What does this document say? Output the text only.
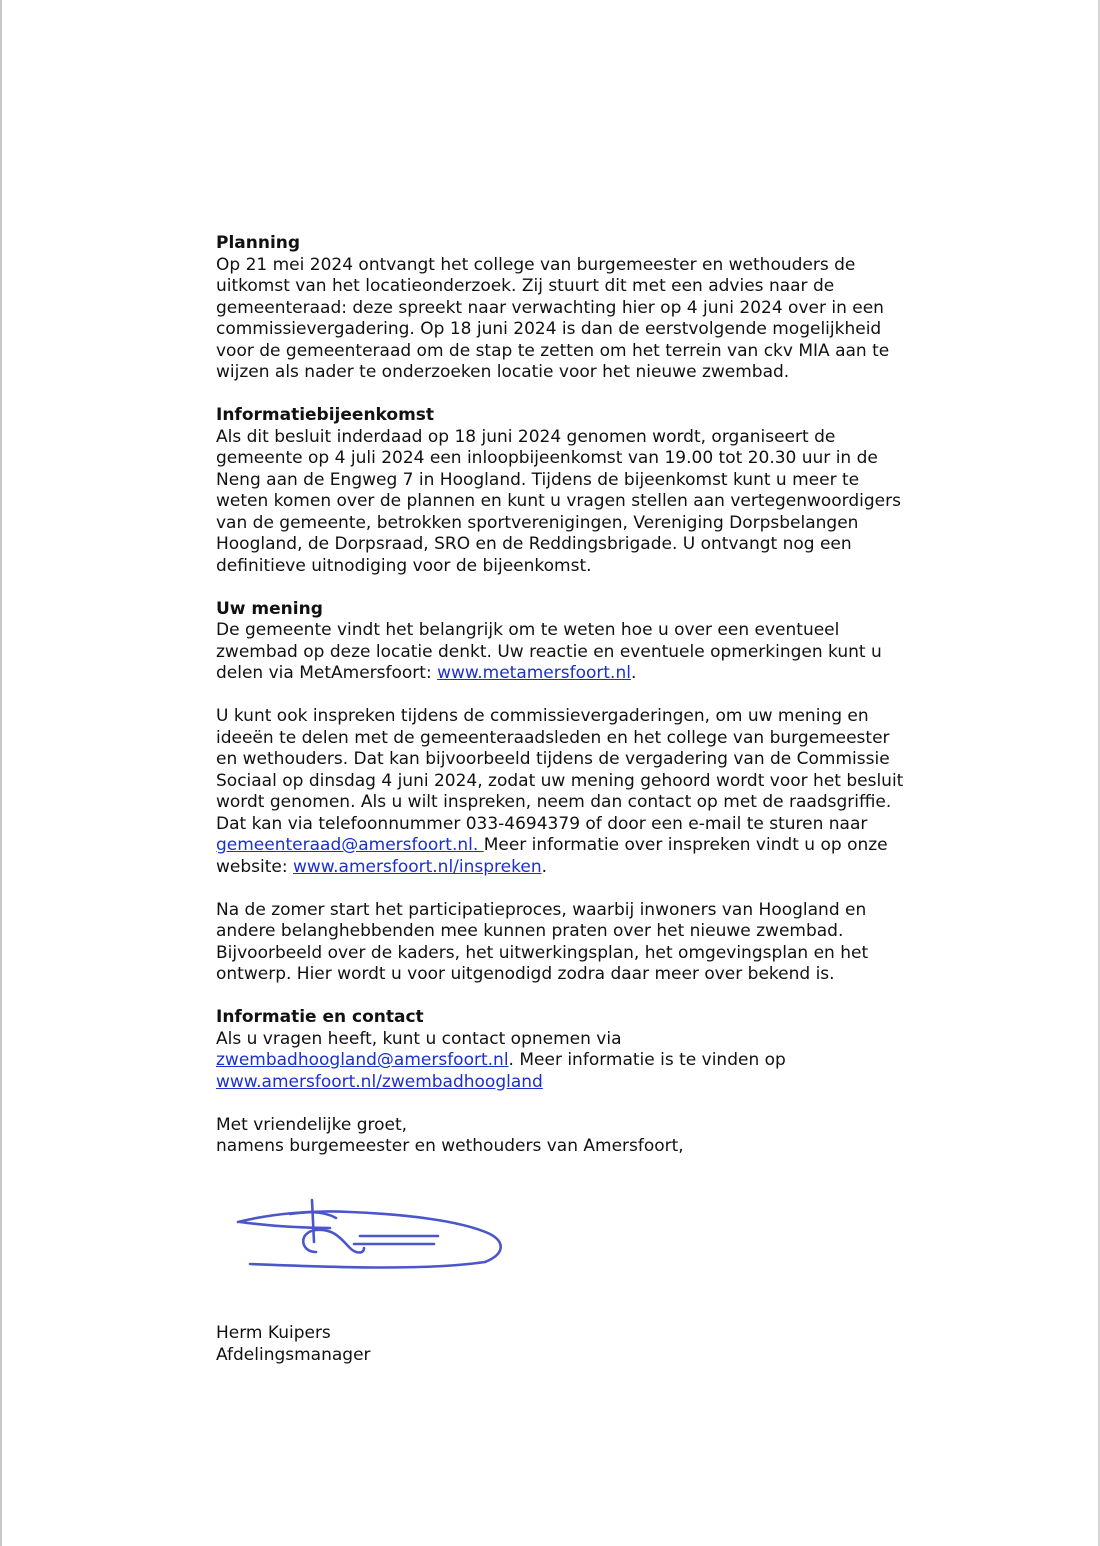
Planning
Op 21 mei 2024 ontvangt het college van burgemeester en wethouders de
uitkomst van het locatieonderzoek. Zij stuurt dit met een advies naar de
gemeenteraad: deze spreekt naar verwachting hier op 4 juni 2024 over in een
commissievergadering. Op 18 juni 2024 is dan de eerstvolgende mogelijkheid
voor de gemeenteraad om de stap te zetten om het terrein van ckv MIA aan te
wijzen als nader te onderzoeken locatie voor het nieuwe zwembad.
Informatiebijeenkomst
Als dit besluit inderdaad op 18 juni 2024 genomen wordt, organiseert de
gemeente op 4 juli 2024 een inloopbijeenkomst van 19.00 tot 20.30 uur in de
Neng aan de Engweg 7 in Hoogland. Tijdens de bijeenkomst kunt u meer te
weten komen over de plannen en kunt u vragen stellen aan vertegenwoordigers
van de gemeente, betrokken sportverenigingen, Vereniging Dorpsbelangen
Hoogland, de Dorpsraad, SRO en de Reddingsbrigade. U ontvangt nog een
definitieve uitnodiging voor de bijeenkomst.
Uw mening
De gemeente vindt het belangrijk om te weten hoe u over een eventueel
zwembad op deze locatie denkt. Uw reactie en eventuele opmerkingen kunt u
delen via MetAmersfoort: www.metamersfoort.nl.
U kunt ook inspreken tijdens de commissievergaderingen, om uw mening en
ideeën te delen met de gemeenteraadsleden en het college van burgemeester
en wethouders. Dat kan bijvoorbeeld tijdens de vergadering van de Commissie
Sociaal op dinsdag 4 juni 2024, zodat uw mening gehoord wordt voor het besluit
wordt genomen. Als u wilt inspreken, neem dan contact op met de raadsgriffie.
Dat kan via telefoonnummer 033-4694379 of door een e-mail te sturen naar
gemeenteraad@amersfoort.nl. Meer informatie over inspreken vindt u op onze
website: www.amersfoort.nl/inspreken.
Na de zomer start het participatieproces, waarbij inwoners van Hoogland en
andere belanghebbenden mee kunnen praten over het nieuwe zwembad.
Bijvoorbeeld over de kaders, het uitwerkingsplan, het omgevingsplan en het
ontwerp. Hier wordt u voor uitgenodigd zodra daar meer over bekend is.
Informatie en contact
Als u vragen heeft, kunt u contact opnemen via
zwembadhoogland@amersfoort.nl. Meer informatie is te vinden op
www.amersfoort.nl/zwembadhoogland
Met vriendelijke groet,
namens burgemeester en wethouders van Amersfoort,
Herm Kuipers
Afdelingsmanager
